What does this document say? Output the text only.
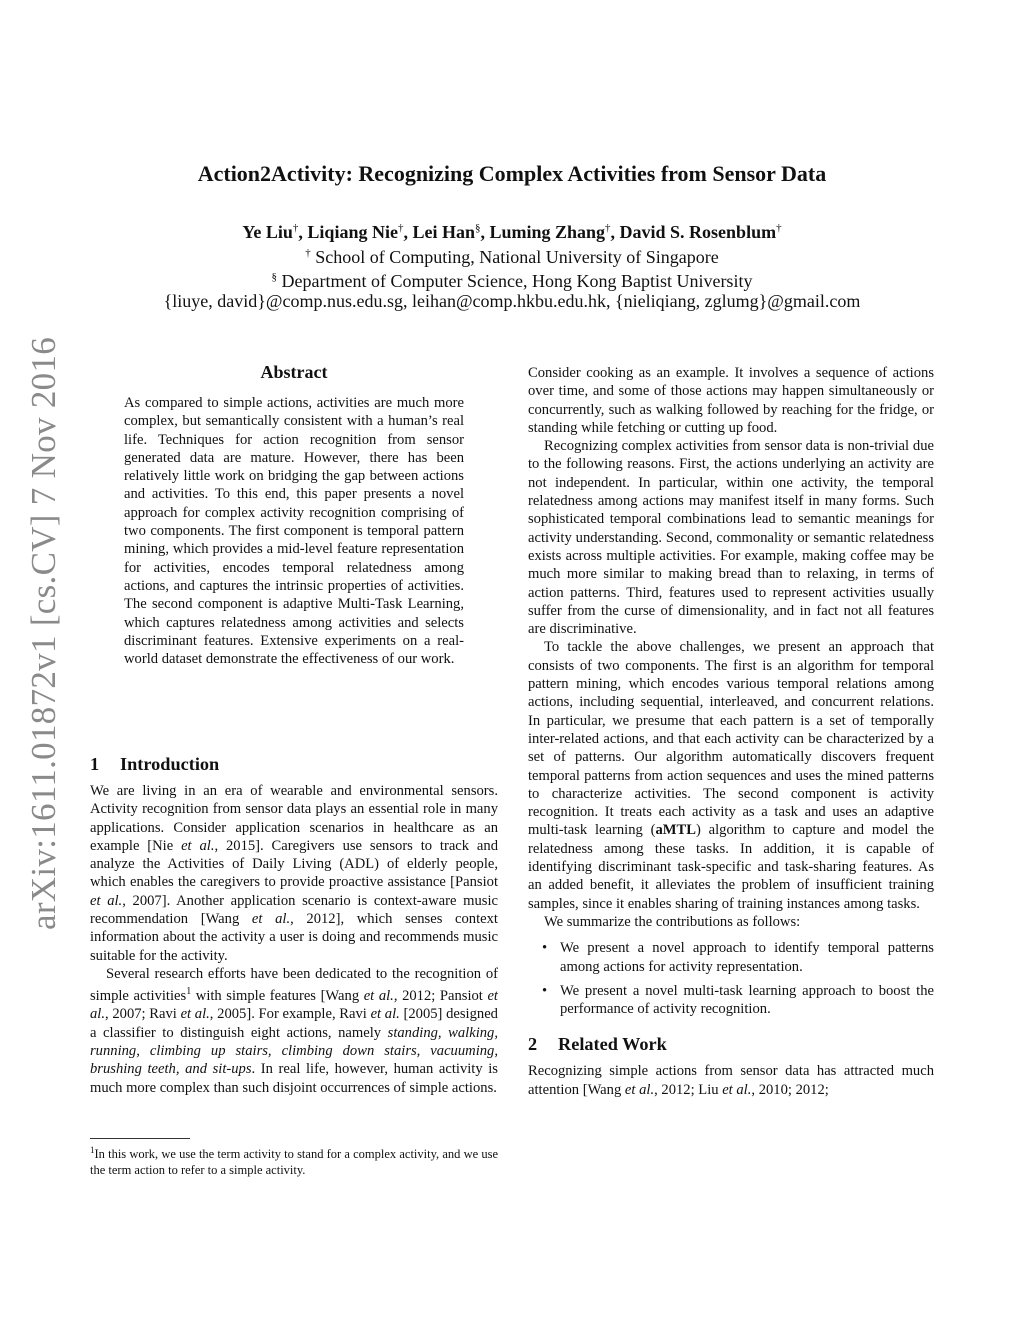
arXiv:1611.01872v1 [cs.CV] 7 Nov 2016
Action2Activity: Recognizing Complex Activities from Sensor Data
Ye Liu†, Liqiang Nie†, Lei Han§, Luming Zhang†, David S. Rosenblum†
† School of Computing, National University of Singapore
§ Department of Computer Science, Hong Kong Baptist University
{liuye, david}@comp.nus.edu.sg, leihan@comp.hkbu.edu.hk, {nieliqiang, zglumg}@gmail.com
Abstract
As compared to simple actions, activities are much more complex, but semantically consistent with a human’s real life. Techniques for action recognition from sensor generated data are mature. However, there has been relatively little work on bridging the gap between actions and activities. To this end, this paper presents a novel approach for complex activity recognition comprising of two components. The first component is temporal pattern mining, which provides a mid-level feature representation for activities, encodes temporal relatedness among actions, and captures the intrinsic properties of activities. The second component is adaptive Multi-Task Learning, which captures relatedness among activities and selects discriminant features. Extensive experiments on a real-world dataset demonstrate the effectiveness of our work.
1 Introduction

We are living in an era of wearable and environmental sensors. Activity recognition from sensor data plays an essential role in many applications. Consider application scenarios in healthcare as an example [Nie et al., 2015]. Caregivers use sensors to track and analyze the Activities of Daily Living (ADL) of elderly people, which enables the caregivers to provide proactive assistance [Pansiot et al., 2007]. Another application scenario is context-aware music recommendation [Wang et al., 2012], which senses context information about the activity a user is doing and recommends music suitable for the activity.

Several research efforts have been dedicated to the recognition of simple activities$^1$ with simple features [Wang et al., 2012; Pansiot et al., 2007; Ravi et al., 2005]. For example, Ravi et al. [2005] designed a classifier to distinguish eight actions, namely standing, walking, running, climbing up stairs, climbing down stairs, vacuuming, brushing teeth, and sit-ups. In real life, however, human activity is much more complex than such disjoint occurrences of simple actions.

$^1$In this work, we use the term activity to stand for a complex activity, and we use the term action to refer to a simple activity.

Consider cooking as an example. It involves a sequence of actions over time, and some of those actions may happen simultaneously or concurrently, such as walking followed by reaching for the fridge, or standing while fetching or cutting up food.

Recognizing complex activities from sensor data is non-trivial due to the following reasons. First, the actions underlying an activity are not independent. In particular, within one activity, the temporal relatedness among actions may manifest itself in many forms. Such sophisticated temporal combinations lead to semantic meanings for activity understanding. Second, commonality or semantic relatedness exists across multiple activities. For example, making coffee may be much more similar to making bread than to relaxing, in terms of action patterns. Third, features used to represent activities usually suffer from the curse of dimensionality, and in fact not all features are discriminative.

To tackle the above challenges, we present an approach that consists of two components. The first is an algorithm for temporal pattern mining, which encodes various temporal relations among actions, including sequential, interleaved, and concurrent relations. In particular, we presume that each pattern is a set of temporally inter-related actions, and that each activity can be characterized by a set of patterns. Our algorithm automatically discovers frequent temporal patterns from action sequences and uses the mined patterns to characterize activities. The second component is activity recognition. It treats each activity as a task and uses an adaptive multi-task learning (aMTL) algorithm to capture and model the relatedness among these tasks. In addition, it is capable of identifying discriminant task-specific and task-sharing features. As an added benefit, it alleviates the problem of insufficient training samples, since it enables sharing of training instances among tasks.

We summarize the contributions as follows:

• We present a novel approach to identify temporal patterns among actions for activity representation.
• We present a novel multi-task learning approach to boost the performance of activity recognition.
2 Related Work

Recognizing simple actions from sensor data has attracted much attention [Wang et al., 2012; Liu et al., 2010; 2012;
